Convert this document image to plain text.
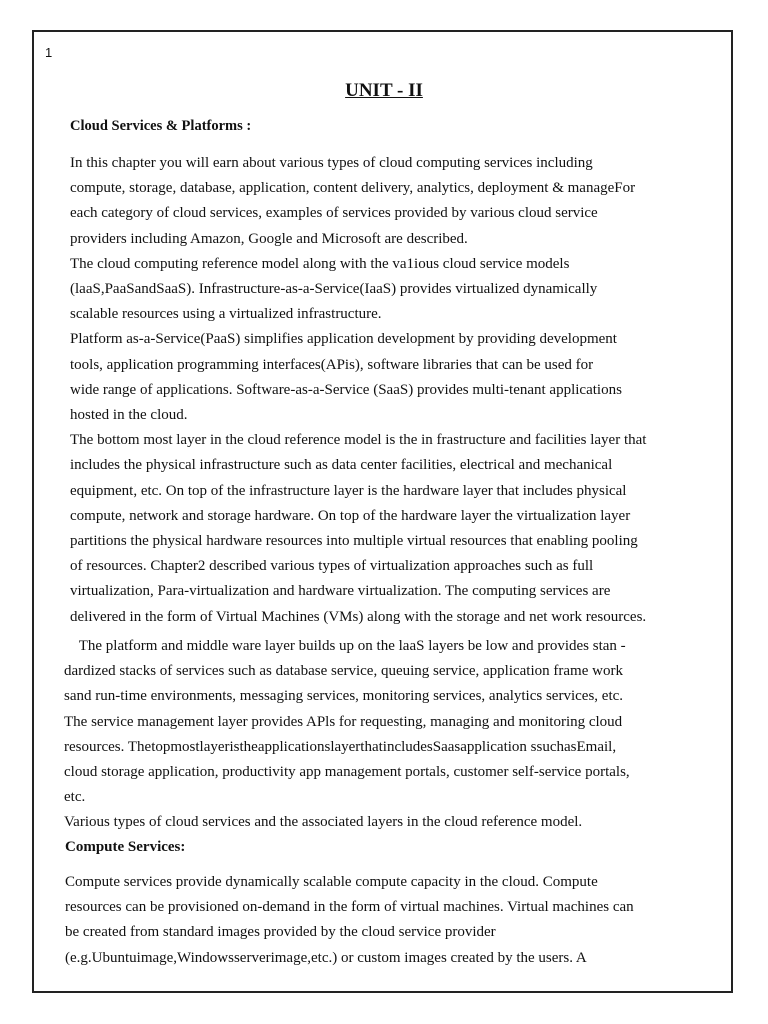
1
UNIT - II
Cloud Services & Platforms :
In this chapter you will earn about various types of cloud computing services including
compute, storage, database, application, content delivery, analytics, deployment & manageFor
each category of cloud services, examples of services provided by various cloud service
providers including Amazon, Google and Microsoft are described.
The cloud computing reference model along with the va1ious cloud service models
(laaS,PaaSandSaaS). Infrastructure-as-a-Service(IaaS) provides virtualized dynamically
scalable resources using a virtualized infrastructure.
Platform as-a-Service(PaaS) simplifies application development by providing development
tools, application programming interfaces(APis), software libraries that can be used for
wide range of applications. Software-as-a-Service (SaaS) provides multi-tenant applications
hosted in the cloud.
The bottom most layer in the cloud reference model is the in frastructure and facilities layer that
includes the physical infrastructure such as data center facilities, electrical and mechanical
equipment, etc. On top of the infrastructure layer is the hardware layer that includes physical
compute, network and storage hardware. On top of the hardware layer the virtualization layer
partitions the physical hardware resources into multiple virtual resources that enabling pooling
of resources. Chapter2 described various types of virtualization approaches such as full
virtualization, Para-virtualization and hardware virtualization. The computing services are
delivered in the form of Virtual Machines (VMs) along with the storage and net work resources.
The platform and middle ware layer builds up on the laaS layers be low and provides stan -
dardized stacks of services such as database service, queuing service, application frame work
sand run-time environments, messaging services, monitoring services, analytics services, etc.
The service management layer provides APls for requesting, managing and monitoring cloud
resources. ThetopmostlayeristheapplicationslayerthatincludesSaasapplication ssuchasEmail,
cloud storage application, productivity app management portals, customer self-service portals,
etc.
Various types of cloud services and the associated layers in the cloud reference model.
Compute Services:
Compute services provide dynamically scalable compute capacity in the cloud. Compute
resources can be provisioned on-demand in the form of virtual machines. Virtual machines can
be created from standard images provided by the cloud service provider
(e.g.Ubuntuimage,Windowsserverimage,etc.) or custom images created by the users. A
